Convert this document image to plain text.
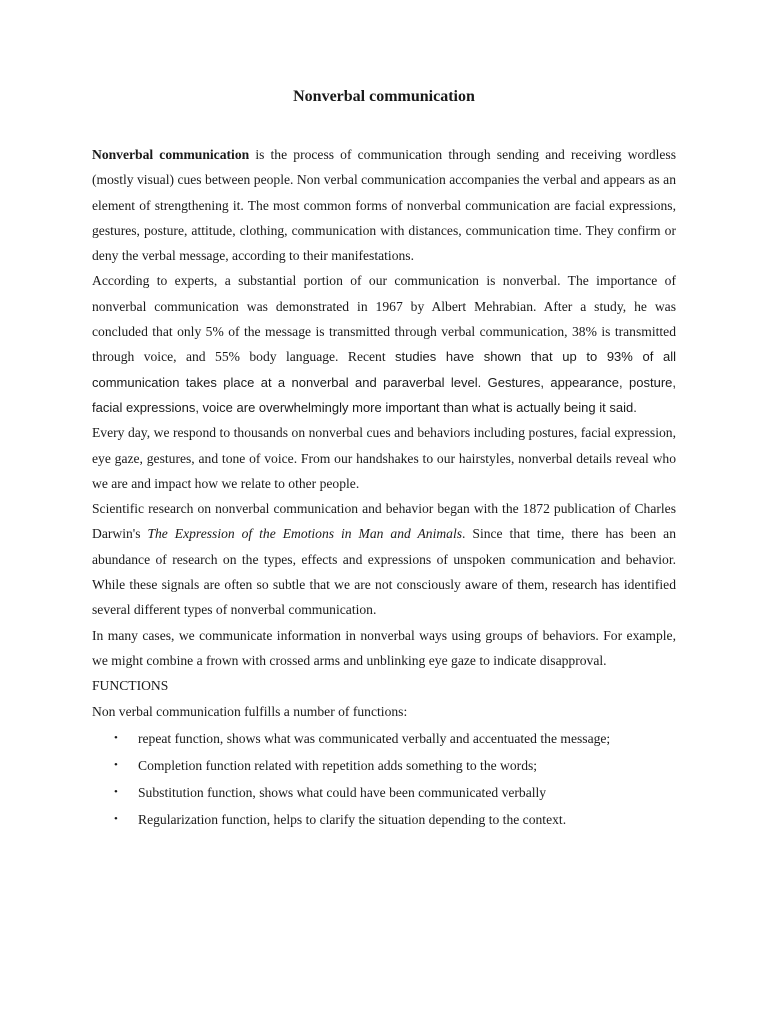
Nonverbal communication

Nonverbal communication is the process of communication through sending and receiving wordless (mostly visual) cues between people. Non verbal communication accompanies the verbal and appears as an element of strengthening it. The most common forms of nonverbal communication are facial expressions, gestures, posture, attitude, clothing, communication with distances, communication time. They confirm or deny the verbal message, according to their manifestations.

According to experts, a substantial portion of our communication is nonverbal. The importance of nonverbal communication was demonstrated in 1967 by Albert Mehrabian. After a study, he was concluded that only 5% of the message is transmitted through verbal communication, 38% is transmitted through voice, and 55% body language. Recent studies have shown that up to 93% of all communication takes place at a nonverbal and paraverbal level. Gestures, appearance, posture, facial expressions, voice are overwhelmingly more important than what is actually being it said.

Every day, we respond to thousands on nonverbal cues and behaviors including postures, facial expression, eye gaze, gestures, and tone of voice. From our handshakes to our hairstyles, nonverbal details reveal who we are and impact how we relate to other people.

Scientific research on nonverbal communication and behavior began with the 1872 publication of Charles Darwin's The Expression of the Emotions in Man and Animals. Since that time, there has been an abundance of research on the types, effects and expressions of unspoken communication and behavior. While these signals are often so subtle that we are not consciously aware of them, research has identified several different types of nonverbal communication.

In many cases, we communicate information in nonverbal ways using groups of behaviors. For example, we might combine a frown with crossed arms and unblinking eye gaze to indicate disapproval.

FUNCTIONS

Non verbal communication fulfills a number of functions:

• repeat function, shows what was communicated verbally and accentuated the message;
• Completion function related with repetition adds something to the words;
• Substitution function, shows what could have been communicated verbally
• Regularization function, helps to clarify the situation depending to the context.
